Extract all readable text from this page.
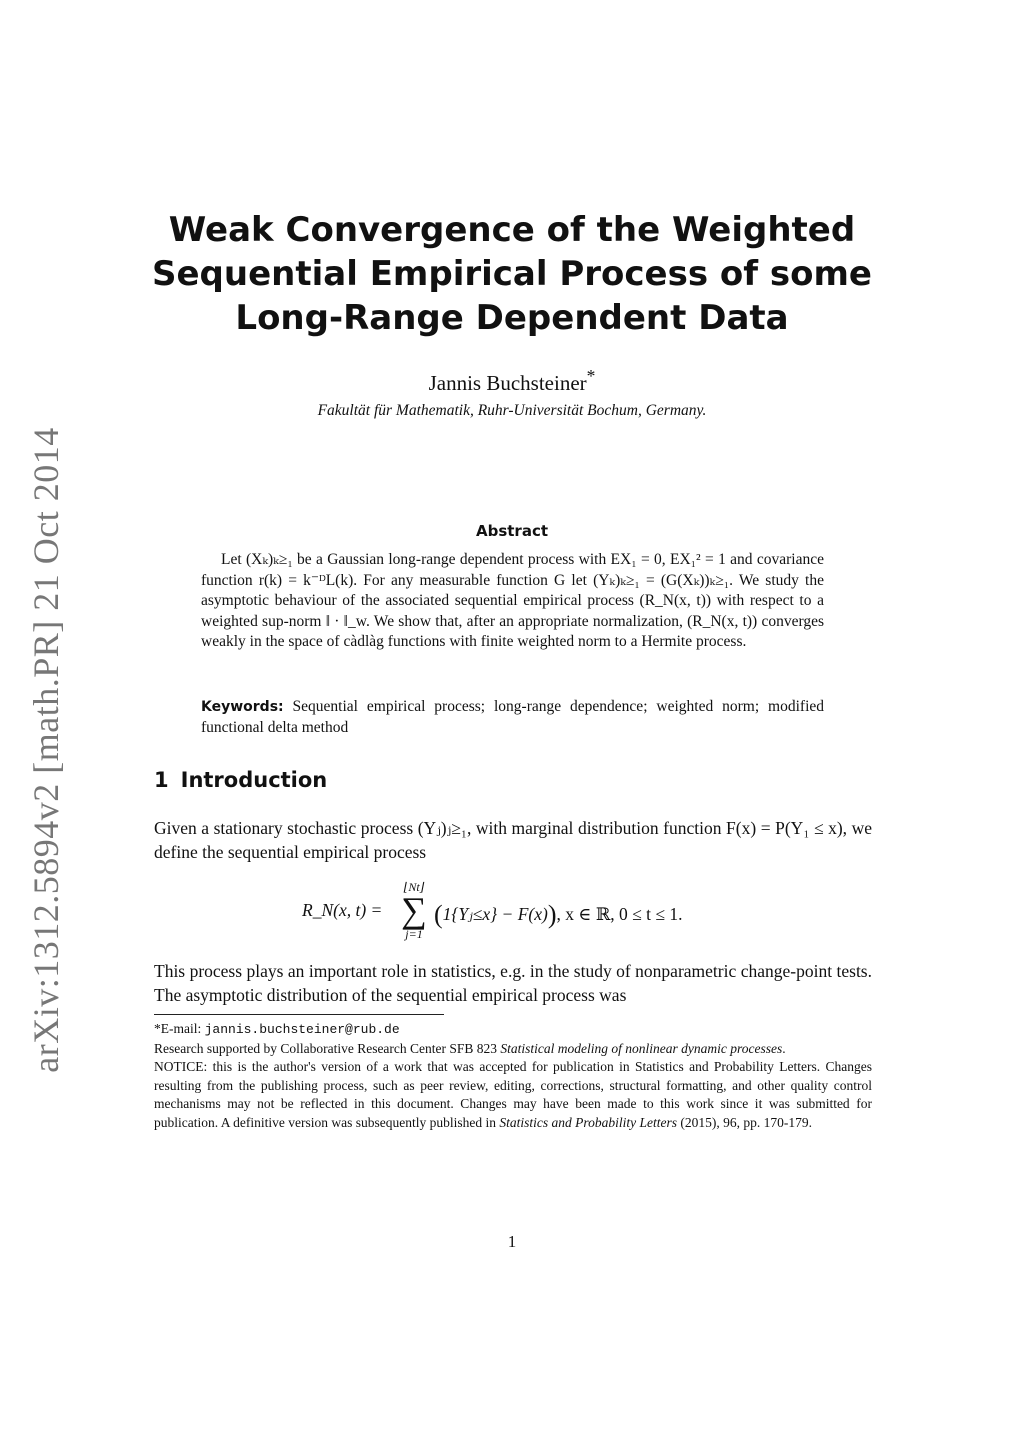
arXiv:1312.5894v2 [math.PR] 21 Oct 2014
Weak Convergence of the Weighted
Sequential Empirical Process of some
Long-Range Dependent Data
Jannis Buchsteiner*
Fakultät für Mathematik, Ruhr-Universität Bochum, Germany.
Abstract

Let (Xₖ)ₖ≥₁ be a Gaussian long-range dependent process with EX₁ = 0, EX₁² = 1 and covariance function r(k) = k⁻ᴰL(k). For any measurable function G let (Yₖ)ₖ≥₁ = (G(Xₖ))ₖ≥₁. We study the asymptotic behaviour of the associated sequential empirical process (R_N(x, t)) with respect to a weighted sup-norm ‖ · ‖_w. We show that, after an appropriate normalization, (R_N(x, t)) converges weakly in the space of càdlàg functions with finite weighted norm to a Hermite process.

Keywords: Sequential empirical process; long-range dependence; weighted norm; modified functional delta method

1 Introduction

Given a stationary stochastic process (Yⱼ)ⱼ≥₁, with marginal distribution function F(x) = P(Y₁ ≤ x), we define the sequential empirical process

R_N(x, t) =
⌊Nt⌋
∑
j=1
(1{Yⱼ≤x} − F(x)), x ∈ ℝ, 0 ≤ t ≤ 1.

This process plays an important role in statistics, e.g. in the study of nonparametric change-point tests. The asymptotic distribution of the sequential empirical process was

*E-mail: jannis.buchsteiner@rub.de

Research supported by Collaborative Research Center SFB 823 Statistical modeling of nonlinear dynamic processes.

NOTICE: this is the author's version of a work that was accepted for publication in Statistics and Probability Letters. Changes resulting from the publishing process, such as peer review, editing, corrections, structural formatting, and other quality control mechanisms may not be reflected in this document. Changes may have been made to this work since it was submitted for publication. A definitive version was subsequently published in Statistics and Probability Letters (2015), 96, pp. 170-179.

1
